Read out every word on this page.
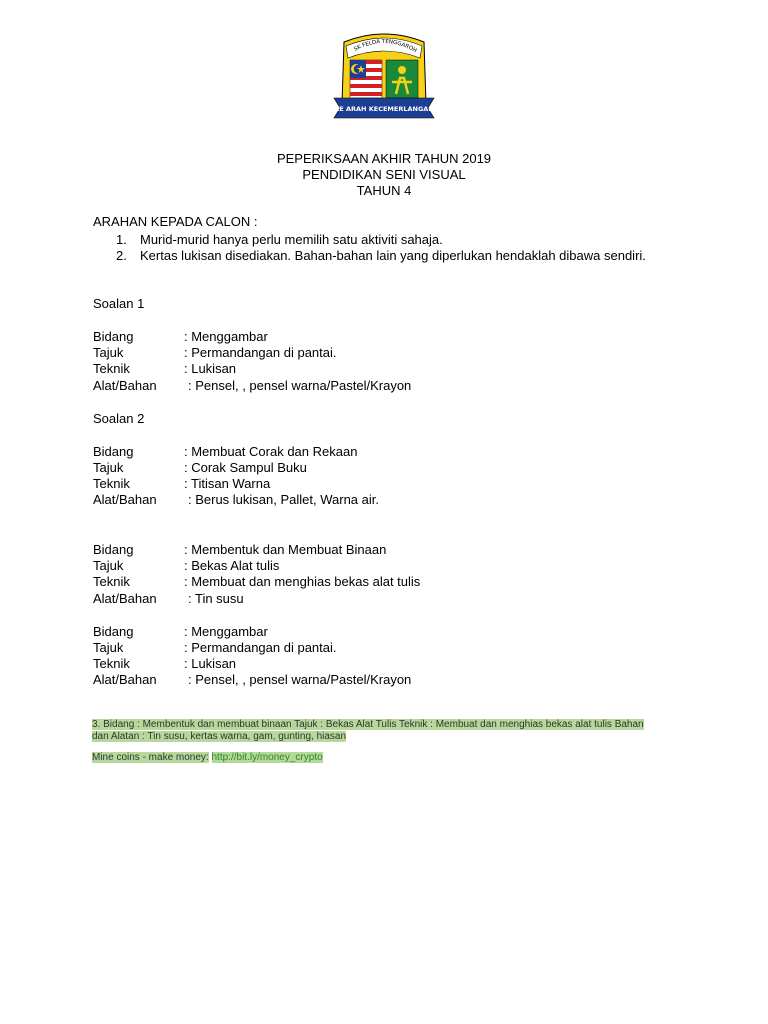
SK FELDA TENGGAROH
KE ARAH KECEMERLANGAN
PEPERIKSAAN AKHIR TAHUN 2019
PENDIDIKAN SENI VISUAL
TAHUN 4
ARAHAN KEPADA CALON :
1. Murid-murid hanya perlu memilih satu aktiviti sahaja.
2. Kertas lukisan disediakan. Bahan-bahan lain yang diperlukan hendaklah dibawa sendiri.
Soalan 1
Bidang	: Menggambar
Tajuk	: Permandangan di pantai.
Teknik	: Lukisan
Alat/Bahan : Pensel, , pensel warna/Pastel/Krayon
Soalan 2
Bidang	: Membuat Corak dan Rekaan
Tajuk	: Corak Sampul Buku
Teknik	: Titisan Warna
Alat/Bahan : Berus lukisan, Pallet, Warna air.
Bidang	: Membentuk dan Membuat Binaan
Tajuk	: Bekas Alat tulis
Teknik	: Membuat dan menghias bekas alat tulis
Alat/Bahan : Tin susu
Bidang	: Menggambar
Tajuk	: Permandangan di pantai.
Teknik	: Lukisan
Alat/Bahan : Pensel, , pensel warna/Pastel/Krayon
3. Bidang : Membentuk dan membuat binaan Tajuk : Bekas Alat Tulis Teknik : Membuat dan menghias bekas alat tulis Bahan dan Alatan : Tin susu, kertas warna, gam, gunting, hiasan
Mine coins - make money: http://bit.ly/money_crypto
